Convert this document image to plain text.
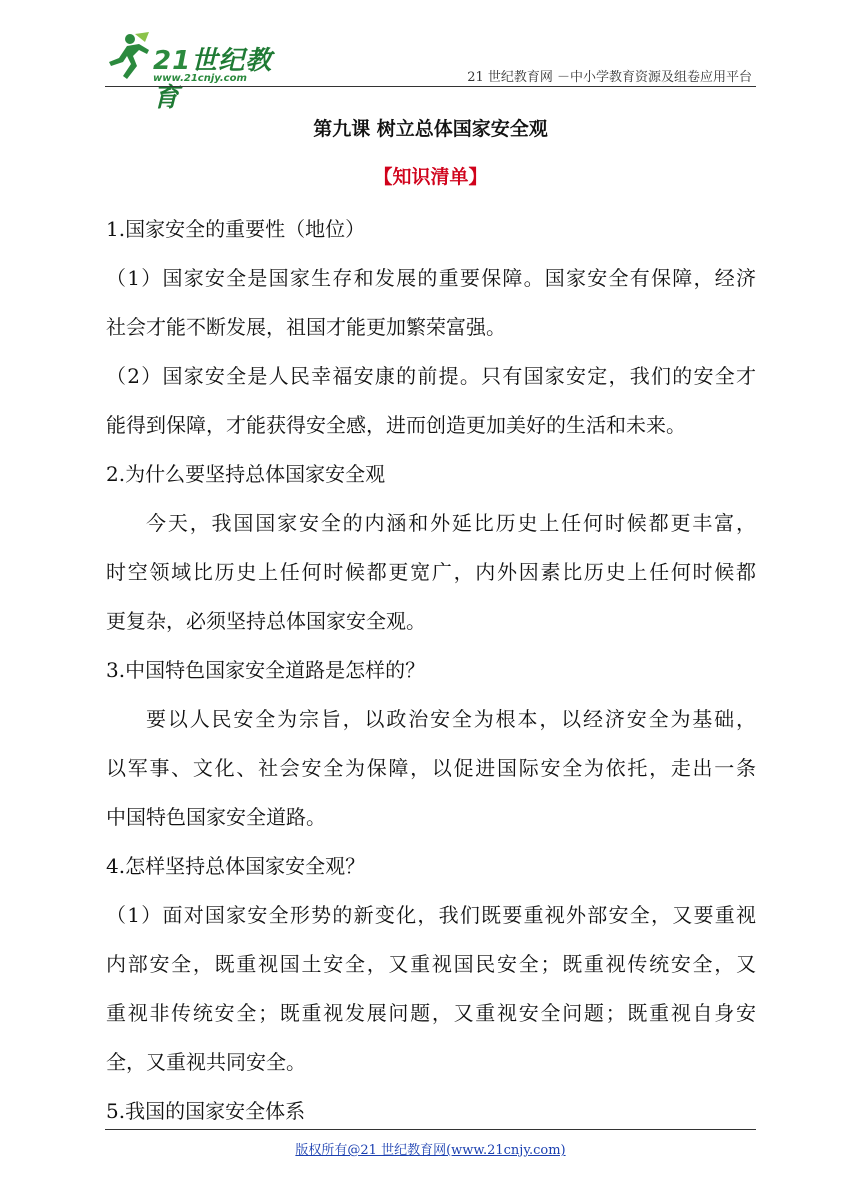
21世纪教育
www.21cnjy.com	21 世纪教育网 －中小学教育资源及组卷应用平台
第九课 树立总体国家安全观
【知识清单】
1.国家安全的重要性（地位）
（1）国家安全是国家生存和发展的重要保障。国家安全有保障，经济
社会才能不断发展，祖国才能更加繁荣富强。
（2）国家安全是人民幸福安康的前提。只有国家安定，我们的安全才
能得到保障，才能获得安全感，进而创造更加美好的生活和未来。
2.为什么要坚持总体国家安全观
今天，我国国家安全的内涵和外延比历史上任何时候都更丰富，
时空领域比历史上任何时候都更宽广，内外因素比历史上任何时候都
更复杂，必须坚持总体国家安全观。
3.中国特色国家安全道路是怎样的？
要以人民安全为宗旨，以政治安全为根本，以经济安全为基础，
以军事、文化、社会安全为保障，以促进国际安全为依托，走出一条
中国特色国家安全道路。
4.怎样坚持总体国家安全观？
（1）面对国家安全形势的新变化，我们既要重视外部安全，又要重视
内部安全，既重视国土安全，又重视国民安全；既重视传统安全，又
重视非传统安全；既重视发展问题，又重视安全问题；既重视自身安
全，又重视共同安全。
5.我国的国家安全体系
版权所有@21 世纪教育网(www.21cnjy.com)
